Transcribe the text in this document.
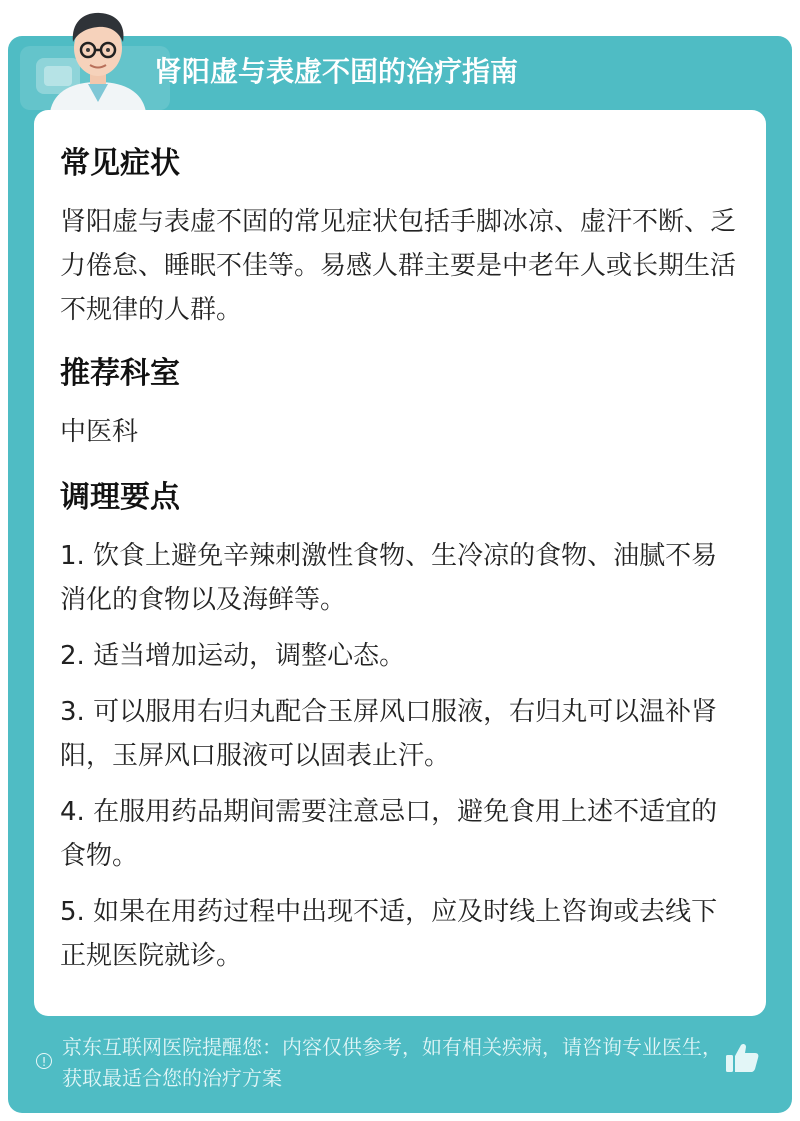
肾阳虚与表虚不固的治疗指南
常见症状
肾阳虚与表虚不固的常见症状包括手脚冰凉、虚汗不断、乏力倦怠、睡眠不佳等。易感人群主要是中老年人或长期生活不规律的人群。
推荐科室
中医科
调理要点
1. 饮食上避免辛辣刺激性食物、生冷凉的食物、油腻不易消化的食物以及海鲜等。
2. 适当增加运动，调整心态。
3. 可以服用右归丸配合玉屏风口服液，右归丸可以温补肾阳，玉屏风口服液可以固表止汗。
4. 在服用药品期间需要注意忌口，避免食用上述不适宜的食物。
5. 如果在用药过程中出现不适，应及时线上咨询或去线下正规医院就诊。
!
京东互联网医院提醒您：内容仅供参考，如有相关疾病，请咨询专业医生，获取最适合您的治疗方案
